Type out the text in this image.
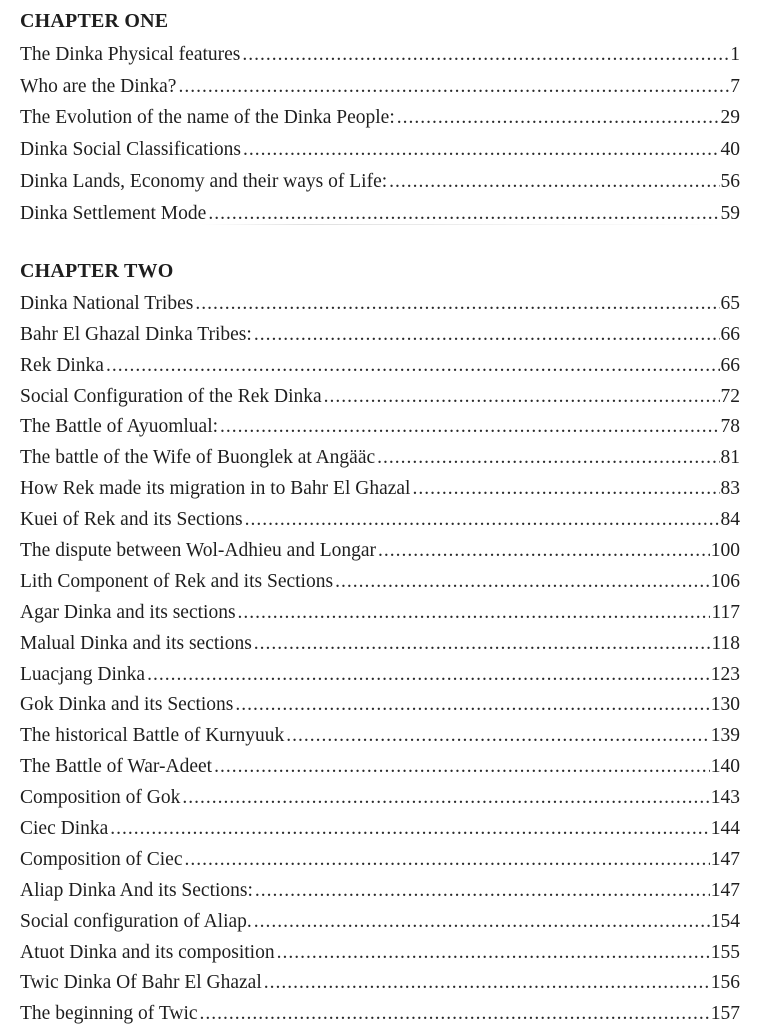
CHAPTER ONE
The Dinka Physical features .....	1
Who are the Dinka? .....	7
The Evolution of the name of the Dinka People: .....	29
Dinka Social Classifications .....	40
Dinka Lands, Economy and their ways of Life: .....	56
Dinka Settlement Mode .....	59
CHAPTER TWO
Dinka National Tribes .....	65
Bahr El Ghazal Dinka Tribes: .....	66
Rek Dinka .....	66
Social Configuration of the Rek Dinka .....	72
The Battle of Ayuomlual: .....	78
The battle of the Wife of Buonglek at Angääc .....	81
How Rek made its migration in to Bahr El Ghazal .....	83
Kuei of Rek and its Sections .....	84
The dispute between Wol-Adhieu and Longar .....	100
Lith Component of Rek and its Sections .....	106
Agar Dinka and its sections .....	117
Malual Dinka and its sections .....	118
Luacjang Dinka .....	123
Gok Dinka and its Sections .....	130
The historical Battle of Kurnyuuk .....	139
The Battle of War-Adeet .....	140
Composition of Gok .....	143
Ciec Dinka .....	144
Composition of Ciec .....	147
Aliap Dinka And its Sections: .....	147
Social configuration of Aliap. .....	154
Atuot Dinka and its composition .....	155
Twic Dinka Of Bahr El Ghazal .....	156
The beginning of Twic .....	157
